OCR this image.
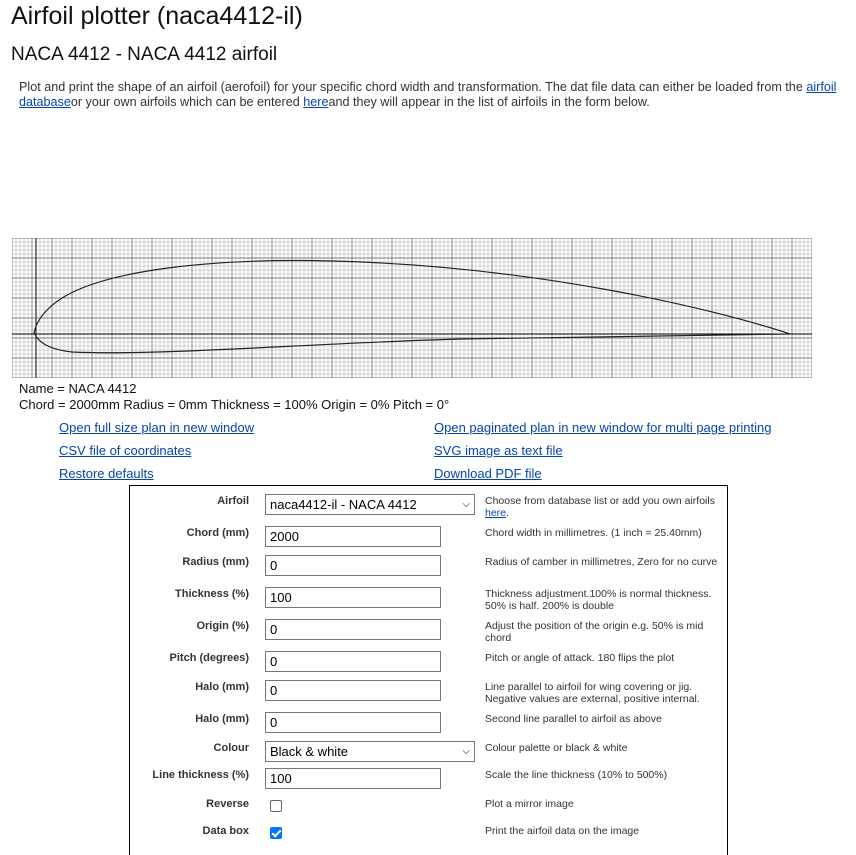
Airfoil plotter (naca4412-il)
NACA 4412 - NACA 4412 airfoil

Plot and print the shape of an airfoil (aerofoil) for your specific chord width and transformation. The dat file data can either be loaded from the airfoil databaseor your own airfoils which can be entered hereand they will appear in the list of airfoils in the form below.

Name = NACA 4412
Chord = 2000mm Radius = 0mm Thickness = 100% Origin = 0% Pitch = 0°
Open full size plan in new window	Open paginated plan in new window for multi page printing
CSV file of coordinates	SVG image as text file
Restore defaults	Download PDF file
Airfoil naca4412-il - NACA 4412	⌵ Choose from database list or add you own airfoils here.
Chord (mm)	2000	Chord width in millimetres. (1 inch = 25.40mm)
Radius (mm)	0	Radius of camber in millimetres, Zero for no curve
Thickness (%)	100	Thickness adjustment.100% is normal thickness. 50% is half. 200% is double
Origin (%)	0	Adjust the position of the origin e.g. 50% is mid chord
Pitch (degrees)	0	Pitch or angle of attack. 180 flips the plot
Halo (mm)	0	Line parallel to airfoil for wing covering or jig. Negative values are external, positive internal.
Halo (mm)	0	Second line parallel to airfoil as above
Colour Black & white	⌵ Colour palette or black & white
Line thickness (%)	100	Scale the line thickness (10% to 500%)
Reverse	Plot a mirror image
Data box	Print the airfoil data on the image
